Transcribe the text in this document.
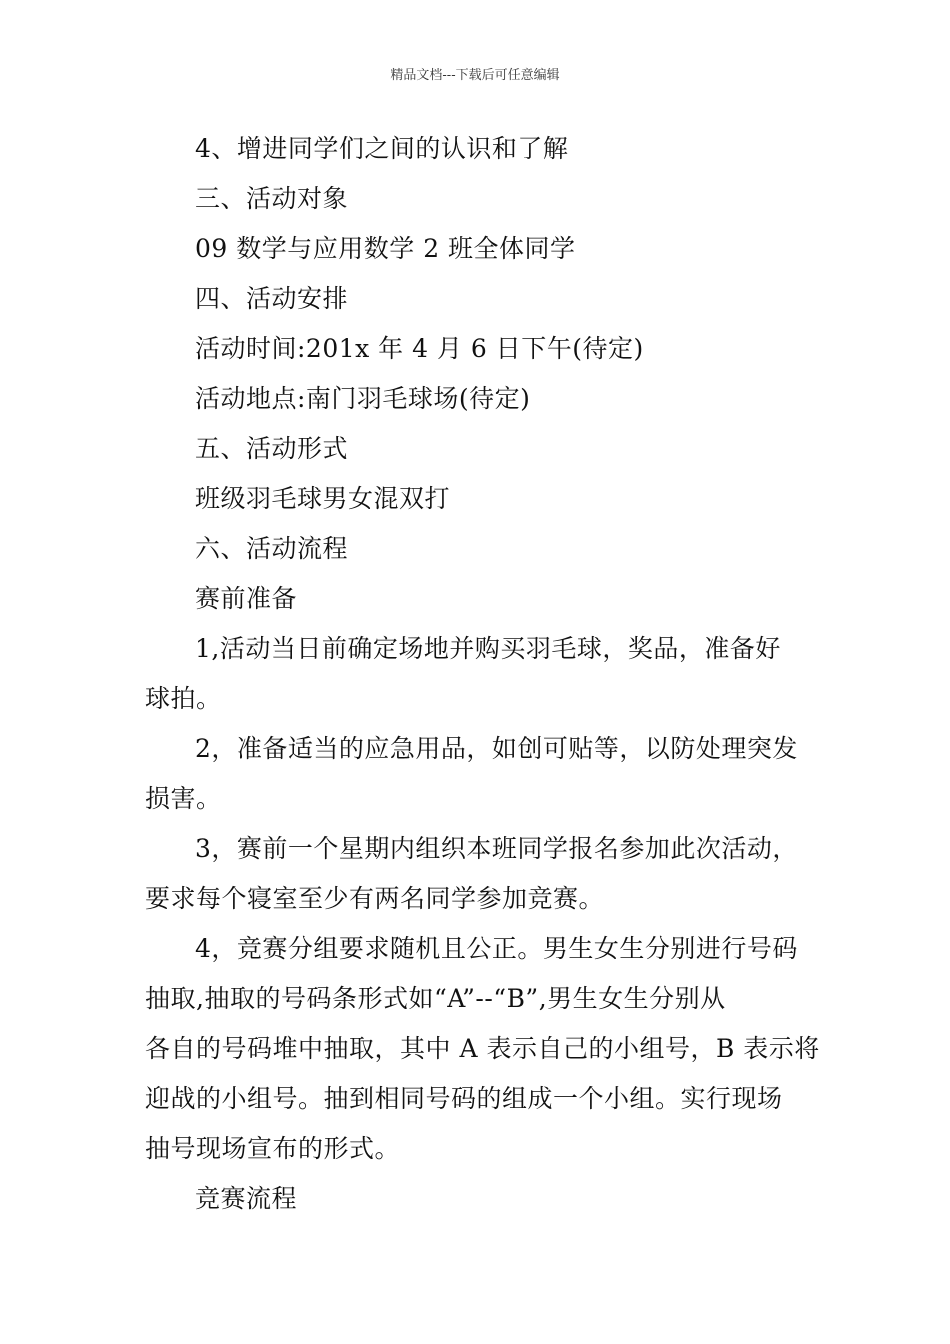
精品文档---下载后可任意编辑
4、增进同学们之间的认识和了解
三、活动对象
09 数学与应用数学 2 班全体同学
四、活动安排
活动时间:201x 年 4 月 6 日下午(待定)
活动地点:南门羽毛球场(待定)
五、活动形式
班级羽毛球男女混双打
六、活动流程
赛前准备
1,活动当日前确定场地并购买羽毛球，奖品，准备好
球拍。
2，准备适当的应急用品，如创可贴等，以防处理突发
损害。
3，赛前一个星期内组织本班同学报名参加此次活动，
要求每个寝室至少有两名同学参加竞赛。
4，竞赛分组要求随机且公正。男生女生分别进行号码
抽取,抽取的号码条形式如“A”--“B”,男生女生分别从
各自的号码堆中抽取，其中 A 表示自己的小组号，B 表示将
迎战的小组号。抽到相同号码的组成一个小组。实行现场
抽号现场宣布的形式。
竞赛流程
